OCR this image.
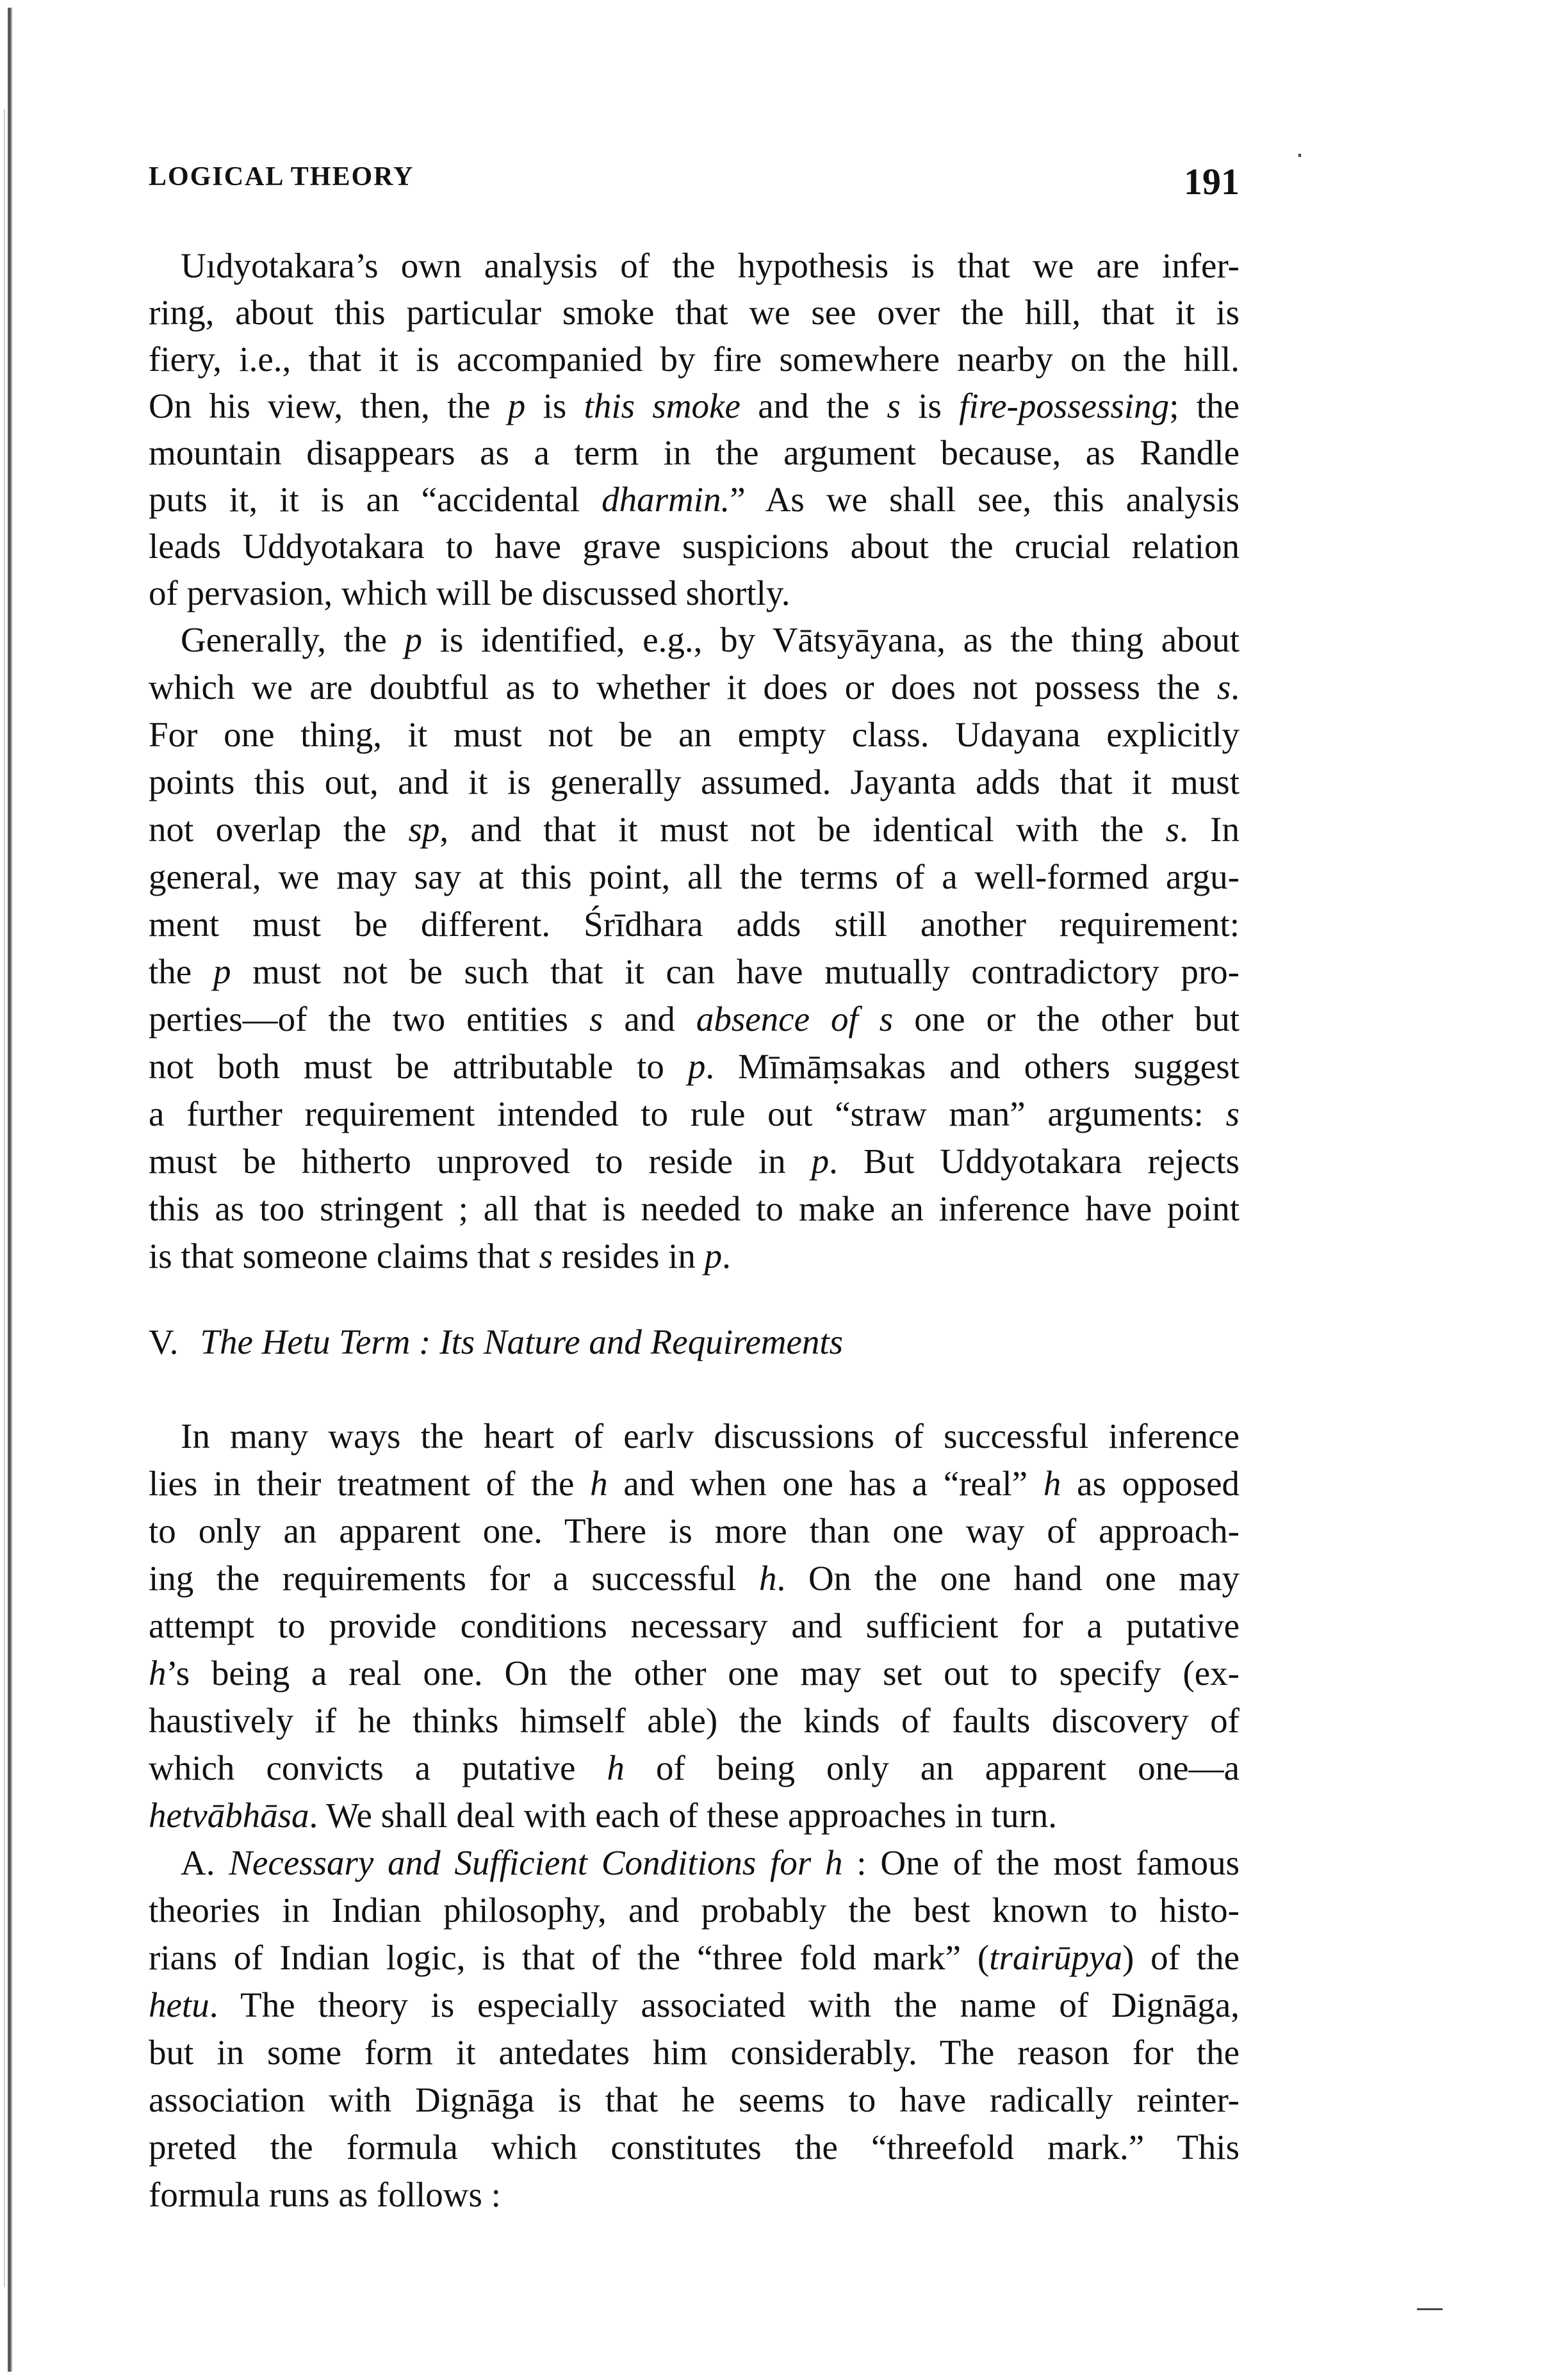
LOGICAL THEORY	191
Uıdyotakara’s own analysis of the hypothesis is that we are infer-
ring, about this particular smoke that we see over the hill, that it is
fiery, i.e., that it is accompanied by fire somewhere nearby on the hill.
On his view, then, the p is this smoke and the s is fire-possessing; the
mountain disappears as a term in the argument because, as Randle
puts it, it is an “accidental dharmin.” As we shall see, this analysis
leads Uddyotakara to have grave suspicions about the crucial relation
of pervasion, which will be discussed shortly.
Generally, the p is identified, e.g., by Vātsyāyana, as the thing about
which we are doubtful as to whether it does or does not possess the s.
For one thing, it must not be an empty class. Udayana explicitly
points this out, and it is generally assumed. Jayanta adds that it must
not overlap the sp, and that it must not be identical with the s. In
general, we may say at this point, all the terms of a well-formed argu-
ment must be different. Śrīdhara adds still another requirement:
the p must not be such that it can have mutually contradictory pro-
perties—of the two entities s and absence of s one or the other but
not both must be attributable to p. Mīmāṃsakas and others suggest
a further requirement intended to rule out “straw man” arguments: s
must be hitherto unproved to reside in p. But Uddyotakara rejects
this as too stringent ; all that is needed to make an inference have point
is that someone claims that s resides in p.
In many ways the heart of earlv discussions of successful inference
lies in their treatment of the h and when one has a “real” h as opposed
to only an apparent one. There is more than one way of approach-
ing the requirements for a successful h. On the one hand one may
attempt to provide conditions necessary and sufficient for a putative
h’s being a real one. On the other one may set out to specify (ex-
haustively if he thinks himself able) the kinds of faults discovery of
which convicts a putative h of being only an apparent one—a
hetvābhāsa. We shall deal with each of these approaches in turn.
A. Necessary and Sufficient Conditions for h : One of the most famous
theories in Indian philosophy, and probably the best known to histo-
rians of Indian logic, is that of the “three fold mark” (trairūpya) of the
hetu. The theory is especially associated with the name of Dignāga,
but in some form it antedates him considerably. The reason for the
association with Dignāga is that he seems to have radically reinter-
preted the formula which constitutes the “threefold mark.” This
formula runs as follows :
V. The Hetu Term : Its Nature and Requirements
